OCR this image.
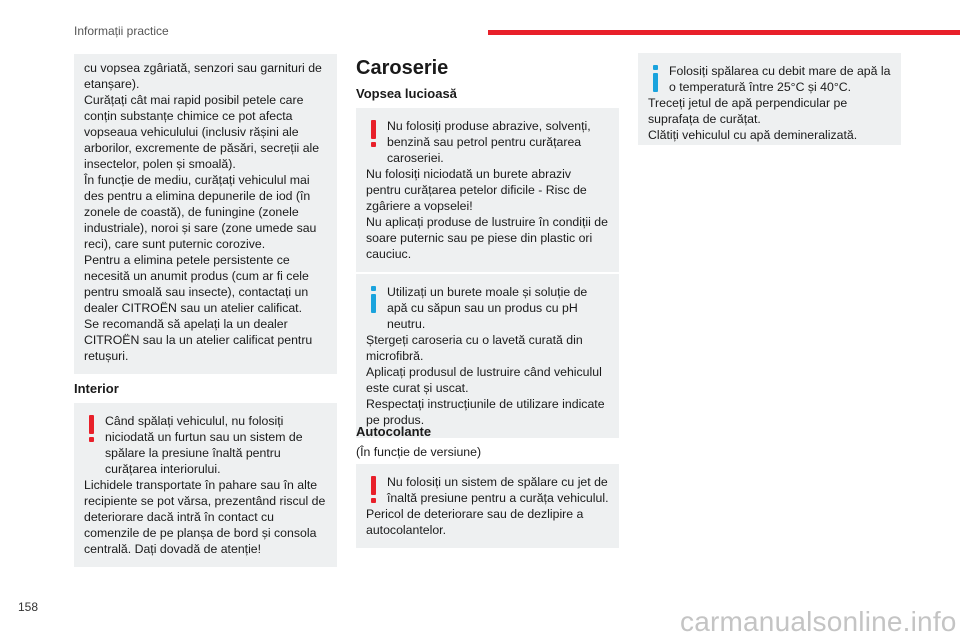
Informații practice

cu vopsea zgâriată, senzori sau garnituri de etanșare).

Curățați cât mai rapid posibil petele care conțin substanțe chimice ce pot afecta vopseaua vehiculului (inclusiv rășini ale arborilor, excremente de păsări, secreții ale insectelor, polen și smoală).

În funcție de mediu, curățați vehiculul mai des pentru a elimina depunerile de iod (în zonele de coastă), de funingine (zonele industriale), noroi și sare (zone umede sau reci), care sunt puternic corozive.

Pentru a elimina petele persistente ce necesită un anumit produs (cum ar fi cele pentru smoală sau insecte), contactați un dealer CITROËN sau un atelier calificat.

Se recomandă să apelați la un dealer CITROËN sau la un atelier calificat pentru retușuri.

Interior

Când spălați vehiculul, nu folosiți niciodată un furtun sau un sistem de spălare la presiune înaltă pentru curățarea interiorului.

Lichidele transportate în pahare sau în alte recipiente se pot vărsa, prezentând riscul de deteriorare dacă intră în contact cu comenzile de pe planșa de bord și consola centrală. Dați dovadă de atenție!

Caroserie
Vopsea lucioasă

Nu folosiți produse abrazive, solvenți, benzină sau petrol pentru curățarea caroseriei.

Nu folosiți niciodată un burete abraziv pentru curățarea petelor dificile - Risc de zgâriere a vopselei!

Nu aplicați produse de lustruire în condiții de soare puternic sau pe piese din plastic ori cauciuc.

Utilizați un burete moale și soluție de apă cu săpun sau un produs cu pH neutru.

Ștergeți caroseria cu o lavetă curată din microfibră.

Aplicați produsul de lustruire când vehiculul este curat și uscat.

Respectați instrucțiunile de utilizare indicate pe produs.

Autocolante
(În funcție de versiune)

Nu folosiți un sistem de spălare cu jet de înaltă presiune pentru a curăța vehiculul.

Pericol de deteriorare sau de dezlipire a autocolantelor.

Folosiți spălarea cu debit mare de apă la o temperatură între 25°C și 40°C.

Treceți jetul de apă perpendicular pe suprafața de curățat.

Clătiți vehiculul cu apă demineralizată.

158	carmanualsonline.info
